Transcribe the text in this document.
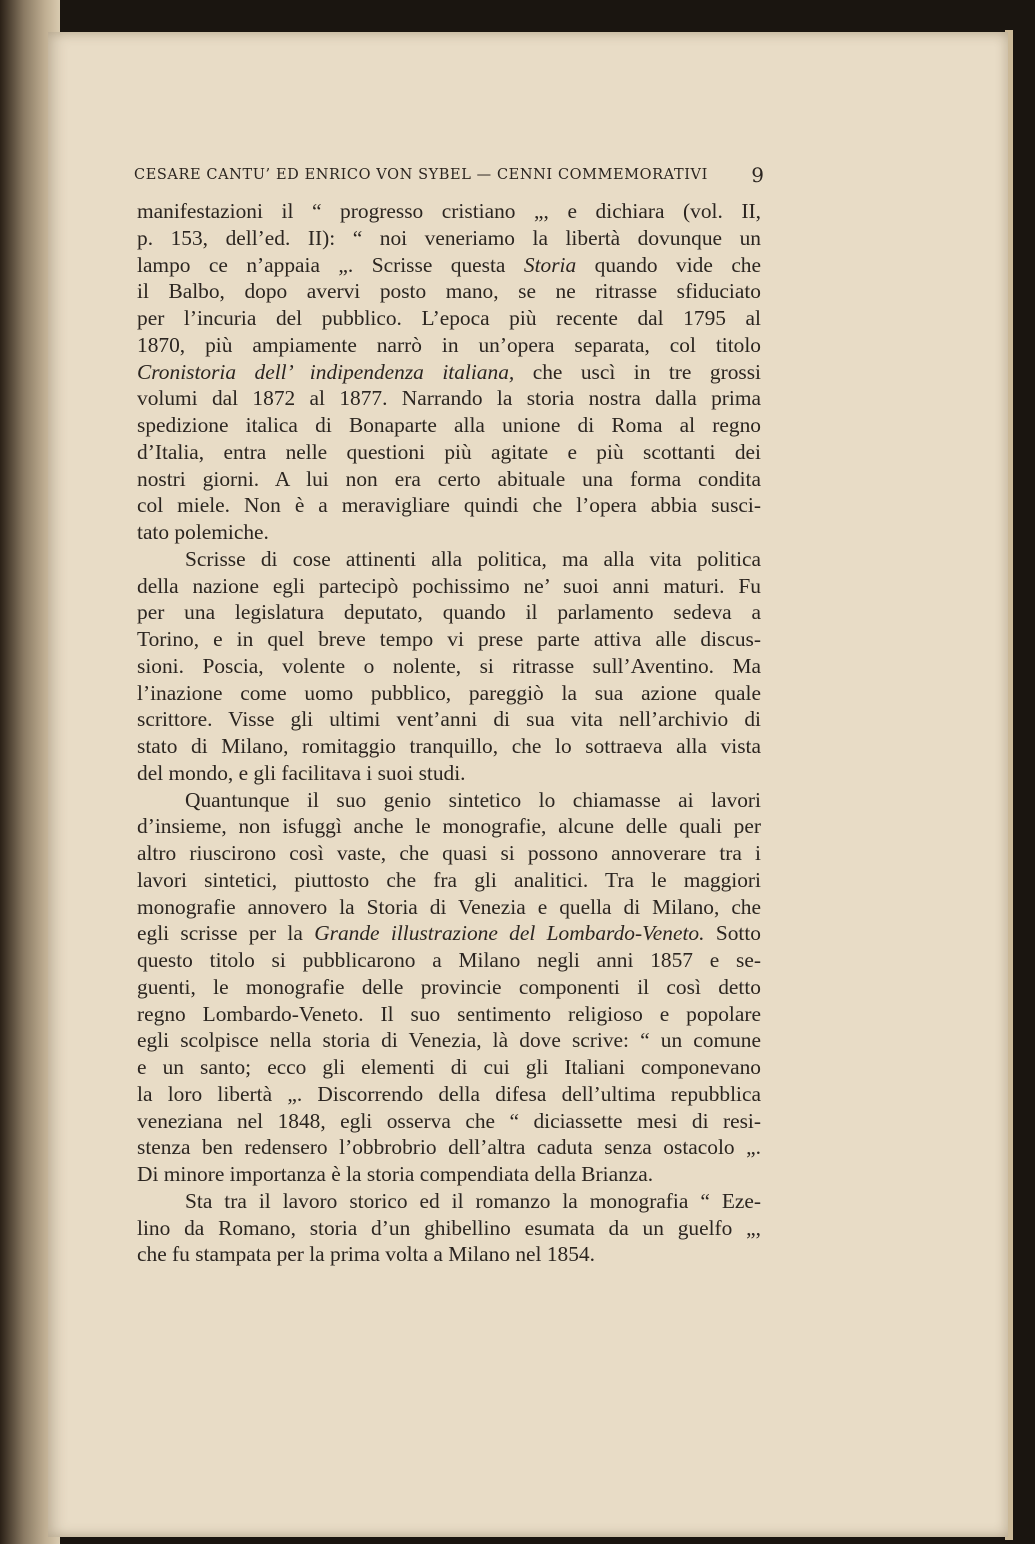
CESARE CANTU’ ED ENRICO VON SYBEL — CENNI COMMEMORATIVI 9
manifestazioni il “ progresso cristiano „, e dichiara (vol. II,
p. 153, dell’ed. II): “ noi veneriamo la libertà dovunque un
lampo ce n’appaia „. Scrisse questa Storia quando vide che
il Balbo, dopo avervi posto mano, se ne ritrasse sfiduciato
per l’incuria del pubblico. L’epoca più recente dal 1795 al
1870, più ampiamente narrò in un’opera separata, col titolo
Cronistoria dell’ indipendenza italiana, che uscì in tre grossi
volumi dal 1872 al 1877. Narrando la storia nostra dalla prima
spedizione italica di Bonaparte alla unione di Roma al regno
d’Italia, entra nelle questioni più agitate e più scottanti dei
nostri giorni. A lui non era certo abituale una forma condita
col miele. Non è a meravigliare quindi che l’opera abbia susci-
tato polemiche.
Scrisse di cose attinenti alla politica, ma alla vita politica
della nazione egli partecipò pochissimo ne’ suoi anni maturi. Fu
per una legislatura deputato, quando il parlamento sedeva a
Torino, e in quel breve tempo vi prese parte attiva alle discus-
sioni. Poscia, volente o nolente, si ritrasse sull’Aventino. Ma
l’inazione come uomo pubblico, pareggiò la sua azione quale
scrittore. Visse gli ultimi vent’anni di sua vita nell’archivio di
stato di Milano, romitaggio tranquillo, che lo sottraeva alla vista
del mondo, e gli facilitava i suoi studi.
Quantunque il suo genio sintetico lo chiamasse ai lavori
d’insieme, non isfuggì anche le monografie, alcune delle quali per
altro riuscirono così vaste, che quasi si possono annoverare tra i
lavori sintetici, piuttosto che fra gli analitici. Tra le maggiori
monografie annovero la Storia di Venezia e quella di Milano, che
egli scrisse per la Grande illustrazione del Lombardo-Veneto. Sotto
questo titolo si pubblicarono a Milano negli anni 1857 e se-
guenti, le monografie delle provincie componenti il così detto
regno Lombardo-Veneto. Il suo sentimento religioso e popolare
egli scolpisce nella storia di Venezia, là dove scrive: “ un comune
e un santo; ecco gli elementi di cui gli Italiani componevano
la loro libertà „. Discorrendo della difesa dell’ultima repubblica
veneziana nel 1848, egli osserva che “ diciassette mesi di resi-
stenza ben redensero l’obbrobrio dell’altra caduta senza ostacolo „.
Di minore importanza è la storia compendiata della Brianza.
Sta tra il lavoro storico ed il romanzo la monografia “ Eze-
lino da Romano, storia d’un ghibellino esumata da un guelfo „,
che fu stampata per la prima volta a Milano nel 1854.
